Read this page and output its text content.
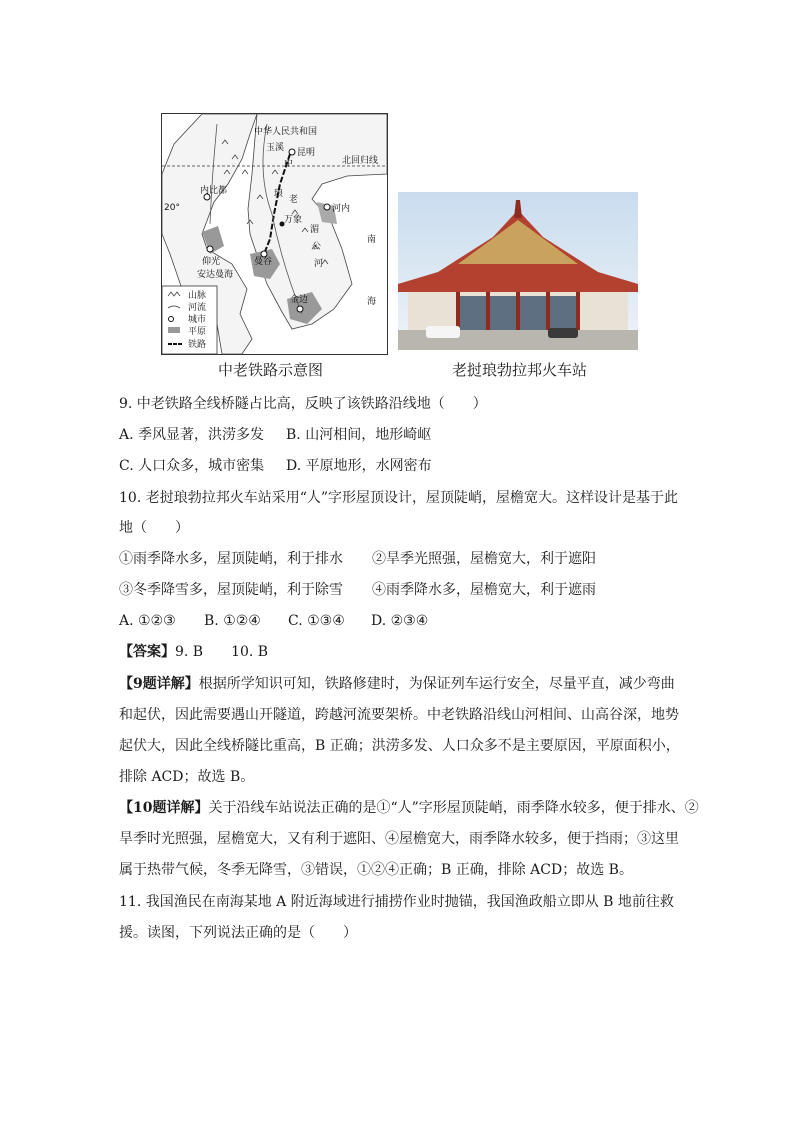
中华人民共和国
玉溪 昆明
中	北回归线
内比都
河内
20°
仰光
安达曼海
南
海
曼谷
金边
万象
老
琅
湄
公
河
山脉
河流
城市
平原
铁路
中老铁路示意图	老挝琅勃拉邦火车站
9. 中老铁路全线桥隧占比高，反映了该铁路沿线地（　　）
A. 季风显著，洪涝多发 B. 山河相间，地形崎岖
C. 人口众多，城市密集 D. 平原地形，水网密布
10. 老挝琅勃拉邦火车站采用“人”字形屋顶设计，屋顶陡峭，屋檐宽大。这样设计是基于此
地（　　）
①雨季降水多，屋顶陡峭，利于排水 ②旱季光照强，屋檐宽大，利于遮阳
③冬季降雪多，屋顶陡峭，利于除雪 ④雨季降水多，屋檐宽大，利于遮雨
A. ①②③ B. ①②④ C. ①③④ D. ②③④
【答案】9. B　　10. B
【9题详解】根据所学知识可知，铁路修建时，为保证列车运行安全，尽量平直，减少弯曲
和起伏，因此需要遇山开隧道，跨越河流要架桥。中老铁路沿线山河相间、山高谷深，地势
起伏大，因此全线桥隧比重高，B 正确；洪涝多发、人口众多不是主要原因，平原面积小，
排除 ACD；故选 B。
【10题详解】关于沿线车站说法正确的是①“人”字形屋顶陡峭，雨季降水较多，便于排水、②
旱季时光照强，屋檐宽大，又有利于遮阳、④屋檐宽大，雨季降水较多，便于挡雨；③这里
属于热带气候，冬季无降雪，③错误，①②④正确；B 正确，排除 ACD；故选 B。
11. 我国渔民在南海某地 A 附近海域进行捕捞作业时抛锚，我国渔政船立即从 B 地前往救
援。读图，下列说法正确的是（　　）
